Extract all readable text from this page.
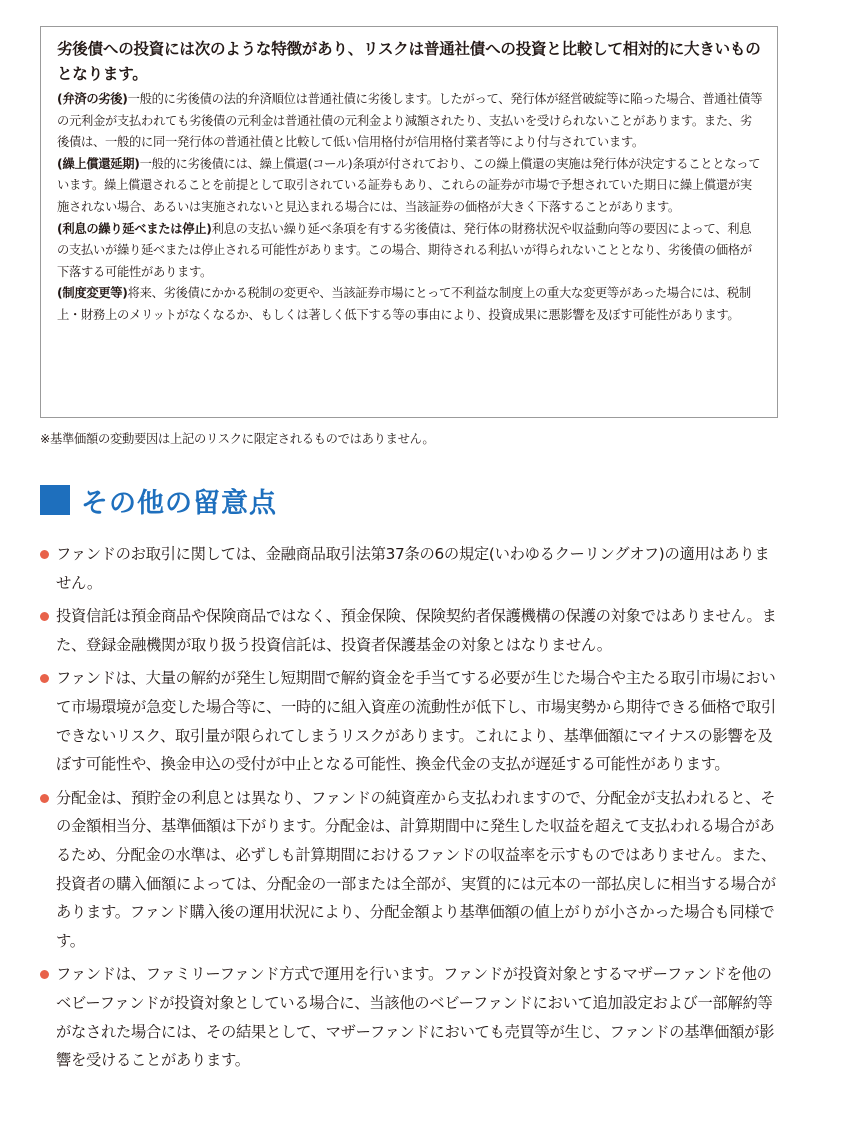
劣後債への投資には次のような特徴があり、リスクは普通社債への投資と比較して相対的に大きいものとなります。

(弁済の劣後)一般的に劣後債の法的弁済順位は普通社債に劣後します。したがって、発行体が経営破綻等に陥った場合、普通社債等の元利金が支払われても劣後債の元利金は普通社債の元利金より減額されたり、支払いを受けられないことがあります。また、劣後債は、一般的に同一発行体の普通社債と比較して低い信用格付が信用格付業者等により付与されています。

(繰上償還延期)一般的に劣後債には、繰上償還(コール)条項が付されており、この繰上償還の実施は発行体が決定することとなっています。繰上償還されることを前提として取引されている証券もあり、これらの証券が市場で予想されていた期日に繰上償還が実施されない場合、あるいは実施されないと見込まれる場合には、当該証券の価格が大きく下落することがあります。

(利息の繰り延べまたは停止)利息の支払い繰り延べ条項を有する劣後債は、発行体の財務状況や収益動向等の要因によって、利息の支払いが繰り延べまたは停止される可能性があります。この場合、期待される利払いが得られないこととなり、劣後債の価格が下落する可能性があります。

(制度変更等)将来、劣後債にかかる税制の変更や、当該証券市場にとって不利益な制度上の重大な変更等があった場合には、税制上・財務上のメリットがなくなるか、もしくは著しく低下する等の事由により、投資成果に悪影響を及ぼす可能性があります。

※基準価額の変動要因は上記のリスクに限定されるものではありません。
その他の留意点
ファンドのお取引に関しては、金融商品取引法第37条の6の規定(いわゆるクーリングオフ)の適用はありません。
投資信託は預金商品や保険商品ではなく、預金保険、保険契約者保護機構の保護の対象ではありません。また、登録金融機関が取り扱う投資信託は、投資者保護基金の対象とはなりません。
ファンドは、大量の解約が発生し短期間で解約資金を手当てする必要が生じた場合や主たる取引市場において市場環境が急変した場合等に、一時的に組入資産の流動性が低下し、市場実勢から期待できる価格で取引できないリスク、取引量が限られてしまうリスクがあります。これにより、基準価額にマイナスの影響を及ぼす可能性や、換金申込の受付が中止となる可能性、換金代金の支払が遅延する可能性があります。
分配金は、預貯金の利息とは異なり、ファンドの純資産から支払われますので、分配金が支払われると、その金額相当分、基準価額は下がります。分配金は、計算期間中に発生した収益を超えて支払われる場合があるため、分配金の水準は、必ずしも計算期間におけるファンドの収益率を示すものではありません。また、投資者の購入価額によっては、分配金の一部または全部が、実質的には元本の一部払戻しに相当する場合があります。ファンド購入後の運用状況により、分配金額より基準価額の値上がりが小さかった場合も同様です。
ファンドは、ファミリーファンド方式で運用を行います。ファンドが投資対象とするマザーファンドを他のベビーファンドが投資対象としている場合に、当該他のベビーファンドにおいて追加設定および一部解約等がなされた場合には、その結果として、マザーファンドにおいても売買等が生じ、ファンドの基準価額が影響を受けることがあります。
